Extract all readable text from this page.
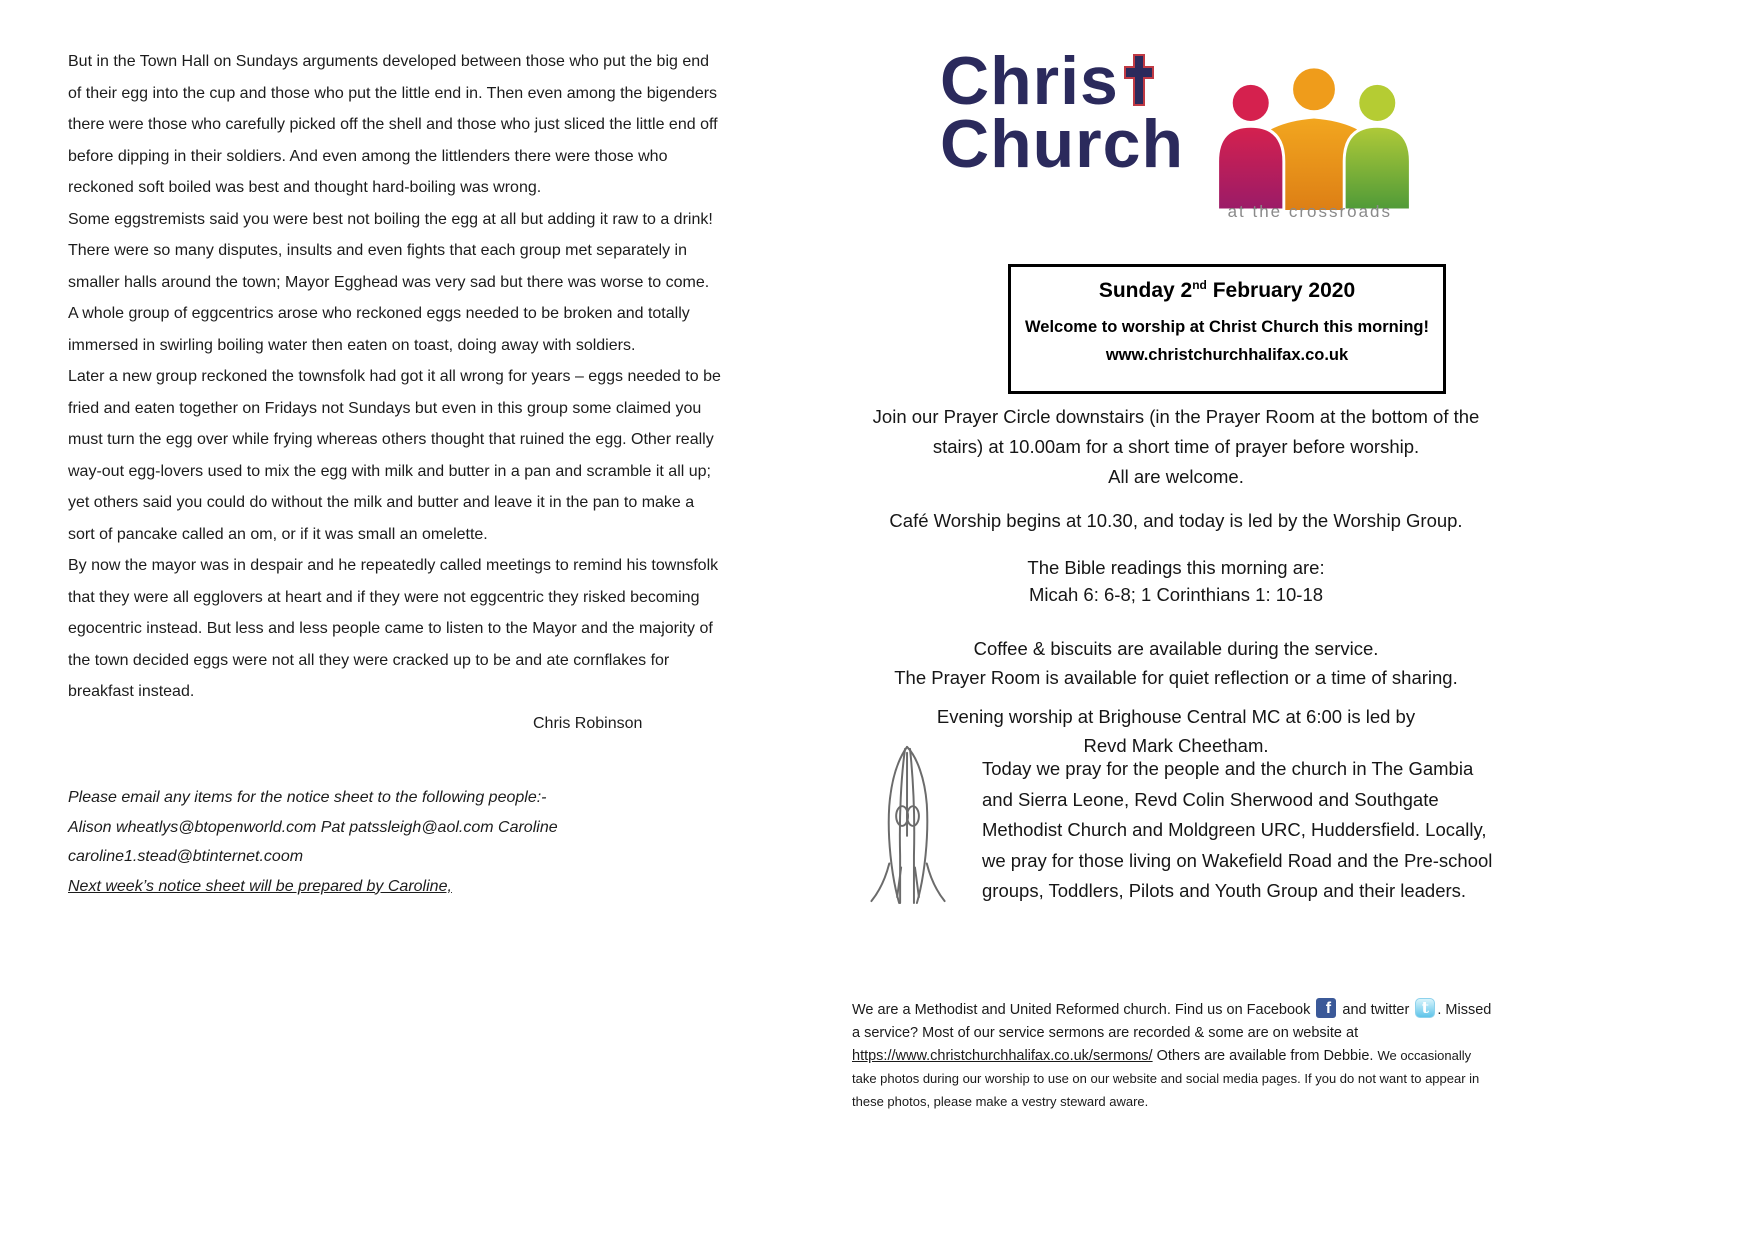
But in the Town Hall on Sundays arguments developed between those who put the big end of their egg into the cup and those who put the little end in. Then even among the bigenders there were those who carefully picked off the shell and those who just sliced the little end off before dipping in their soldiers. And even among the littlenders there were those who reckoned soft boiled was best and thought hard-boiling was wrong.

Some eggstremists said you were best not boiling the egg at all but adding it raw to a drink!

There were so many disputes, insults and even fights that each group met separately in smaller halls around the town; Mayor Egghead was very sad but there was worse to come.

A whole group of eggcentrics arose who reckoned eggs needed to be broken and totally immersed in swirling boiling water then eaten on toast, doing away with soldiers.

Later a new group reckoned the townsfolk had got it all wrong for years – eggs needed to be fried and eaten together on Fridays not Sundays but even in this group some claimed you must turn the egg over while frying whereas others thought that ruined the egg. Other really way-out egg-lovers used to mix the egg with milk and butter in a pan and scramble it all up; yet others said you could do without the milk and butter and leave it in the pan to make a sort of pancake called an om, or if it was small an omelette.

By now the mayor was in despair and he repeatedly called meetings to remind his townsfolk that they were all egglovers at heart and if they were not eggcentric they risked becoming egocentric instead. But less and less people came to listen to the Mayor and the majority of the town decided eggs were not all they were cracked up to be and ate cornflakes for breakfast instead.

Chris Robinson

Please email any items for the notice sheet to the following people:-

Alison wheatlys@btopenworld.com Pat patssleigh@aol.com Caroline

caroline1.stead@btinternet.coom

Next week’s notice sheet will be prepared by Caroline,

Chris
Church
at the crossroads
Sunday 2nd February 2020
Welcome to worship at Christ Church this morning!
www.christchurchhalifax.co.uk

Join our Prayer Circle downstairs (in the Prayer Room at the bottom of the stairs) at 10.00am for a short time of prayer before worship.
All are welcome.

Café Worship begins at 10.30, and today is led by the Worship Group.

The Bible readings this morning are:
Micah 6: 6-8; 1 Corinthians 1: 10-18

Coffee & biscuits are available during the service.
The Prayer Room is available for quiet reflection or a time of sharing.

Evening worship at Brighouse Central MC at 6:00 is led by
Revd Mark Cheetham.

Today we pray for the people and the church in The Gambia and Sierra Leone, Revd Colin Sherwood and Southgate Methodist Church and Moldgreen URC, Huddersfield. Locally, we pray for those living on Wakefield Road and the Pre-school groups, Toddlers, Pilots and Youth Group and their leaders.

We are a Methodist and United Reformed church. Find us on Facebook f and twitter t . Missed a service? Most of our service sermons are recorded & some are on website at https://www.christchurchhalifax.co.uk/sermons/ Others are available from Debbie. We occasionally take photos during our worship to use on our website and social media pages. If you do not want to appear in these photos, please make a vestry steward aware.
